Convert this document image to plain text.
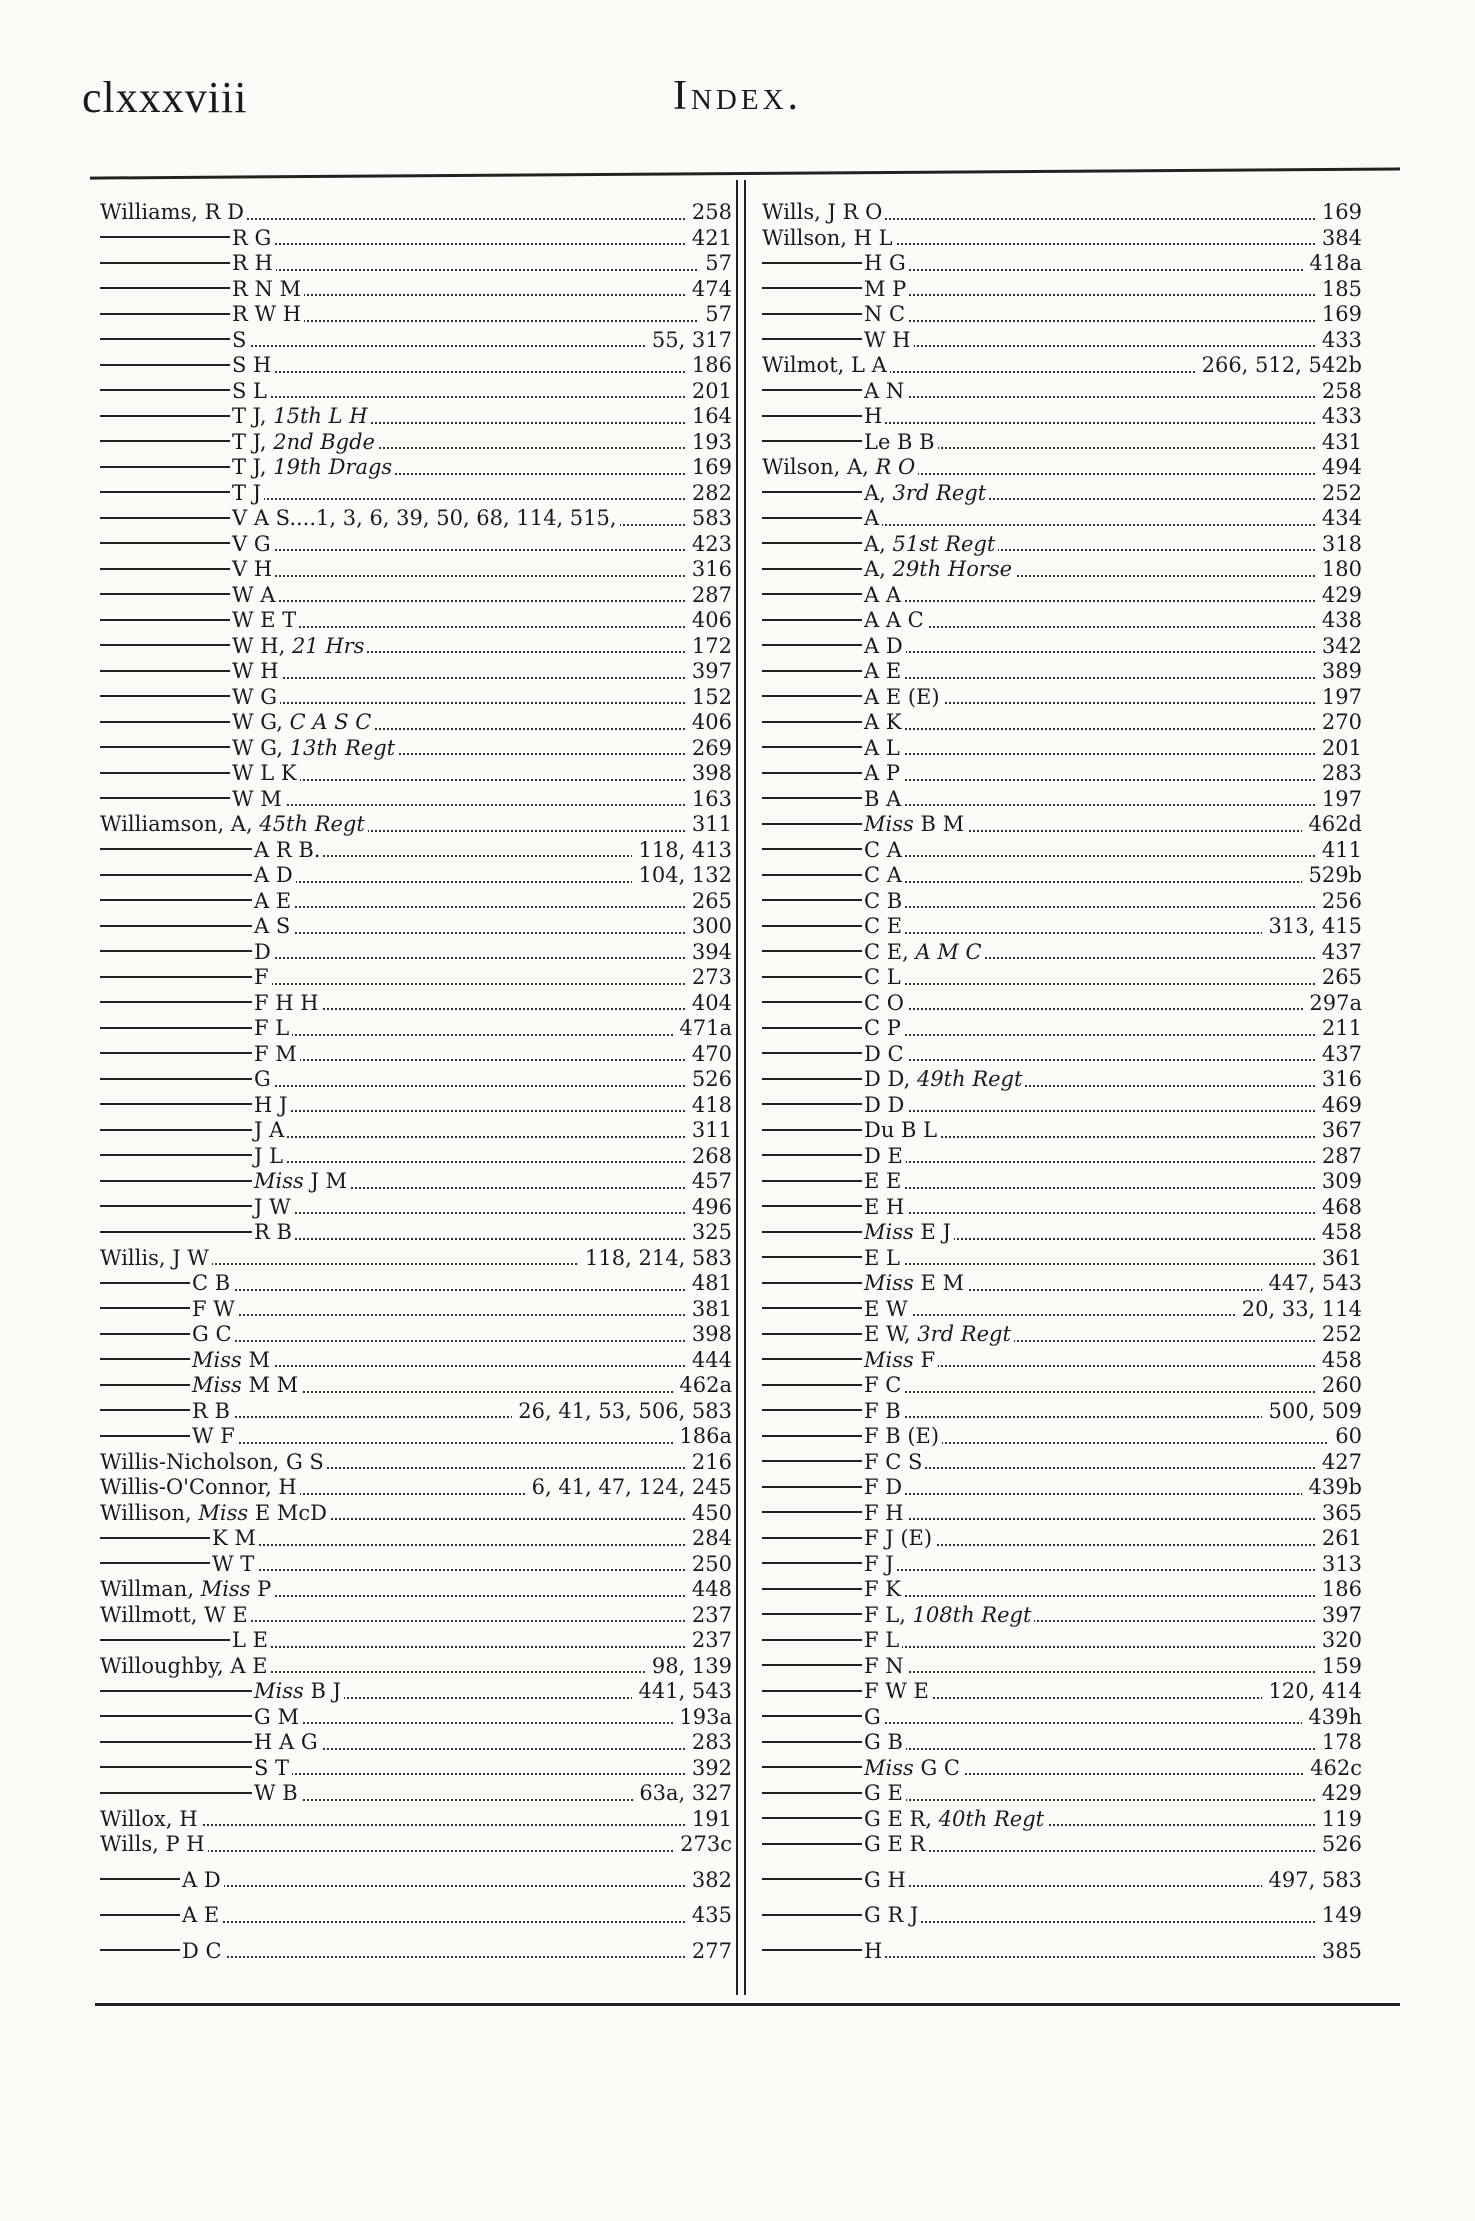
clxxxviii	Index.
Williams, R D	258
R G	421
R H	57
R N M	474
R W H	57
S	55, 317
S H	186
S L	201
T J, 15th L H	164
T J, 2nd Bgde	193
T J, 19th Drags	169
T J	282
V A S....1, 3, 6, 39, 50, 68, 114, 515,	583
V G	423
V H	316
W A	287
W E T	406
W H, 21 Hrs	172
W H	397
W G	152
W G, C A S C	406
W G, 13th Regt	269
W L K	398
W M	163
Williamson, A, 45th Regt	311
A R B.	118, 413
A D	104, 132
A E	265
A S	300
D	394
F	273
F H H	404
F L	471a
F M	470
G	526
H J	418
J A	311
J L	268
Miss J M	457
J W	496
R B	325
Willis, J W	118, 214, 583
C B	481
F W	381
G C	398
Miss M	444
Miss M M	462a
R B	26, 41, 53, 506, 583
W F	186a
Willis-Nicholson, G S	216
Willis-O'Connor, H	6, 41, 47, 124, 245
Willison, Miss E McD	450
K M	284
W T	250
Willman, Miss P	448
Willmott, W E	237
L E	237
Willoughby, A E	98, 139
Miss B J	441, 543
G M	193a
H A G	283
S T	392
W B	63a, 327
Willox, H	191
Wills, P H	273c
A D	382
A E	435
D C	277
Wills, J R O	169
Willson, H L	384
H G	418a
M P	185
N C	169
W H	433
Wilmot, L A	266, 512, 542b
A N	258
H	433
Le B B	431
Wilson, A, R O	494
A, 3rd Regt	252
A	434
A, 51st Regt	318
A, 29th Horse	180
A A	429
A A C	438
A D	342
A E	389
A E (E)	197
A K	270
A L	201
A P	283
B A	197
Miss B M	462d
C A	411
C A	529b
C B	256
C E	313, 415
C E, A M C	437
C L	265
C O	297a
C P	211
D C	437
D D, 49th Regt	316
D D	469
Du B L	367
D E	287
E E	309
E H	468
Miss E J	458
E L	361
Miss E M	447, 543
E W	20, 33, 114
E W, 3rd Regt	252
Miss F	458
F C	260
F B	500, 509
F B (E)	60
F C S	427
F D	439b
F H	365
F J (E)	261
F J	313
F K	186
F L, 108th Regt	397
F L	320
F N	159
F W E	120, 414
G	439h
G B	178
Miss G C	462c
G E	429
G E R, 40th Regt	119
G E R	526
G H	497, 583
G R J	149
H	385
